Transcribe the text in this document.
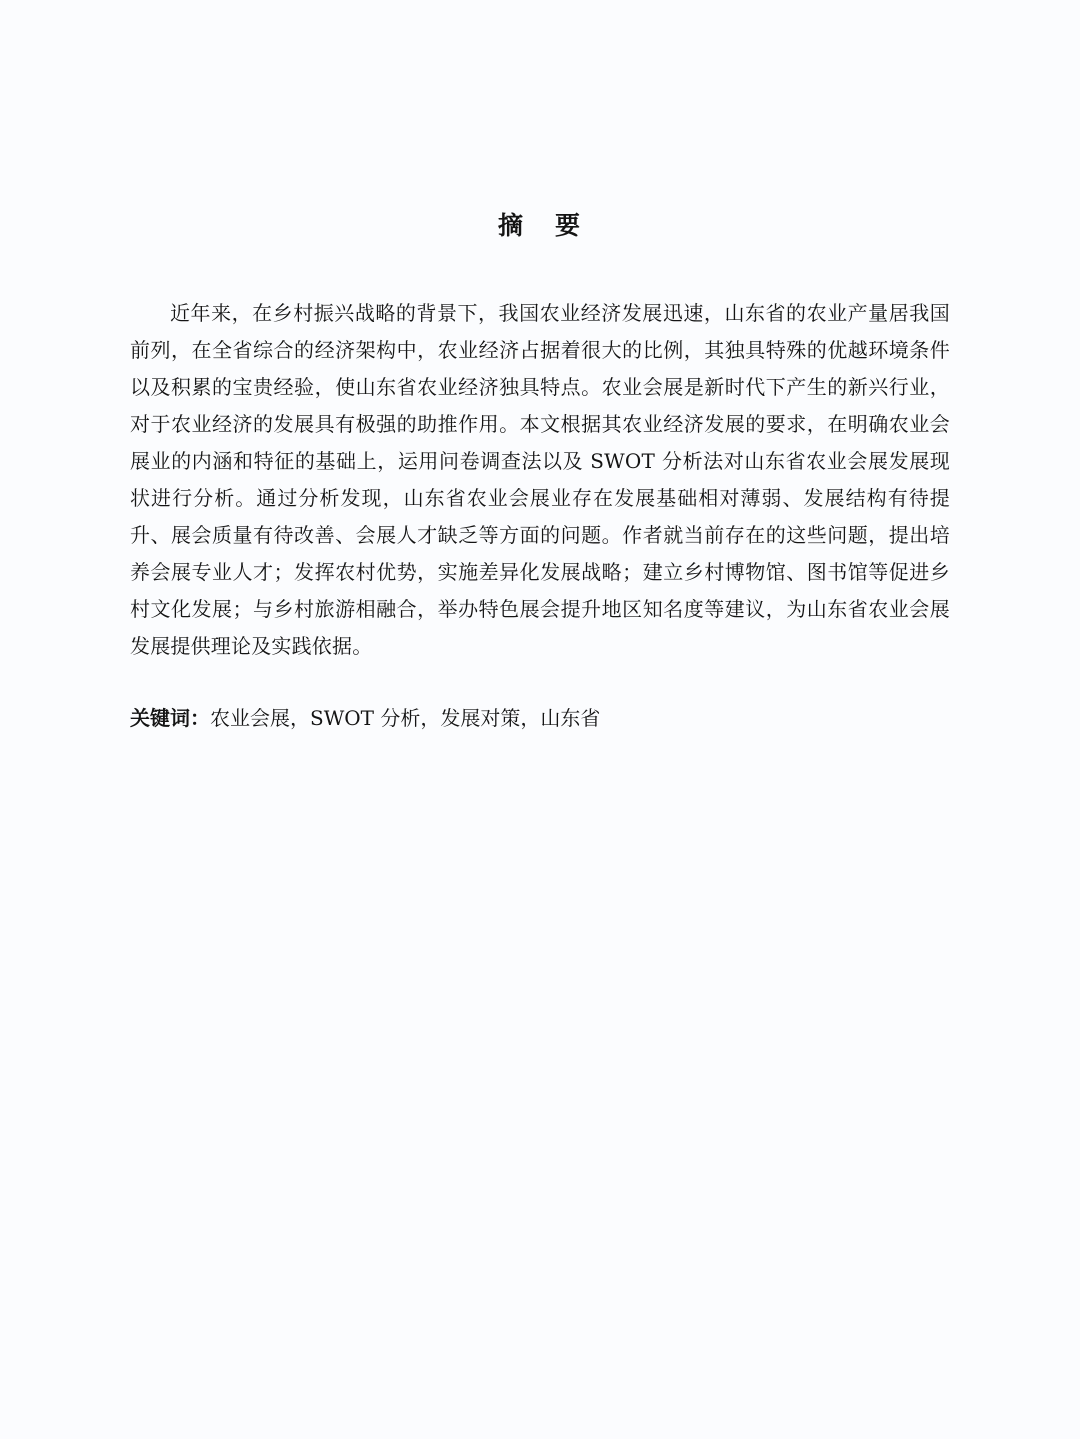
摘 要

近年来，在乡村振兴战略的背景下，我国农业经济发展迅速，山东省的农业产量居我国前列，在全省综合的经济架构中，农业经济占据着很大的比例，其独具特殊的优越环境条件以及积累的宝贵经验，使山东省农业经济独具特点。农业会展是新时代下产生的新兴行业，对于农业经济的发展具有极强的助推作用。本文根据其农业经济发展的要求，在明确农业会展业的内涵和特征的基础上，运用问卷调查法以及 SWOT 分析法对山东省农业会展发展现状进行分析。通过分析发现，山东省农业会展业存在发展基础相对薄弱、发展结构有待提升、展会质量有待改善、会展人才缺乏等方面的问题。作者就当前存在的这些问题，提出培养会展专业人才；发挥农村优势，实施差异化发展战略；建立乡村博物馆、图书馆等促进乡村文化发展；与乡村旅游相融合，举办特色展会提升地区知名度等建议，为山东省农业会展发展提供理论及实践依据。

关键词：农业会展，SWOT 分析，发展对策，山东省
